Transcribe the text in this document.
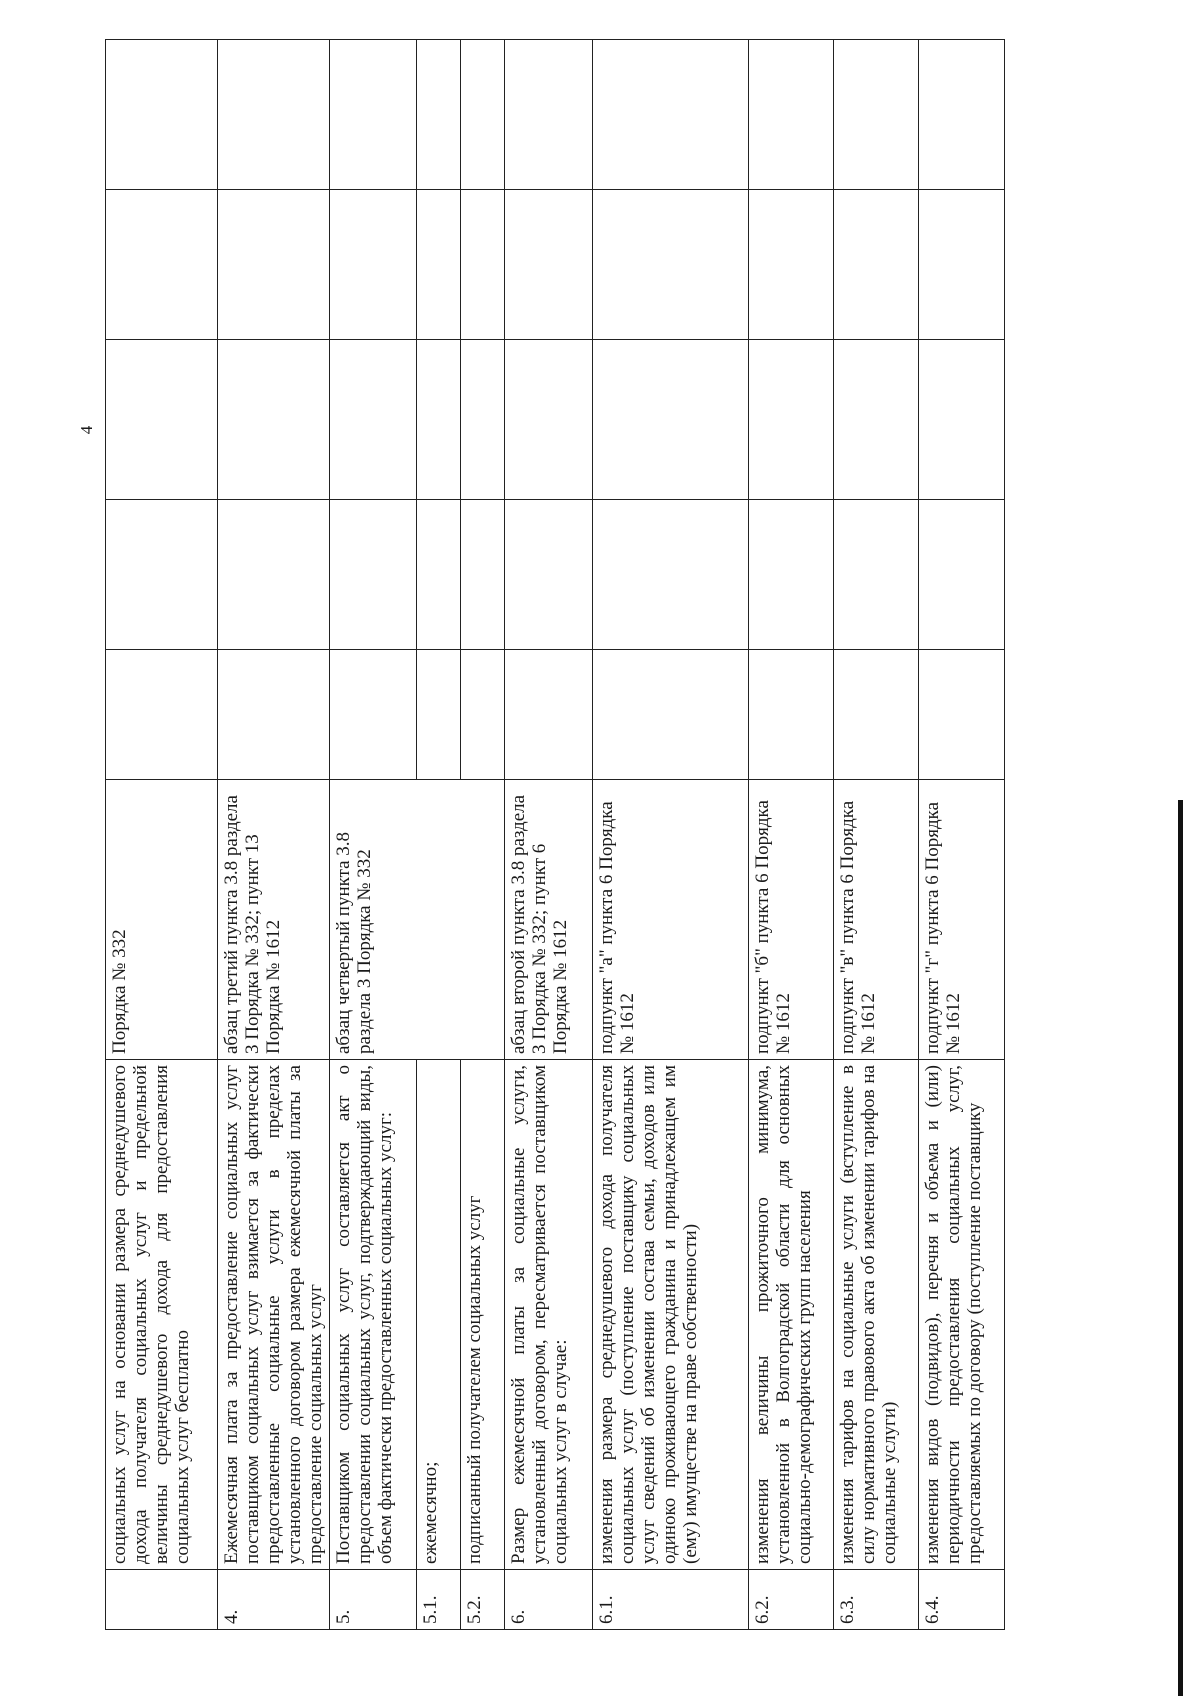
4
	социальных услуг на основании размера среднедушевого дохода получателя социальных услуг и предельной величины среднедушевого дохода для предоставления социальных услуг бесплатно	Порядка № 332					
4.	Ежемесячная плата за предоставление социальных услуг поставщиком социальных услуг взимается за фактически предоставленные социальные услуги в пределах установленного договором размера ежемесячной платы за предоставление социальных услуг	абзац третий пункта 3.8 раздела 3 Порядка № 332; пункт 13 Порядка № 1612					
5.	Поставщиком социальных услуг составляется акт о предоставлении социальных услуг, подтверждающий виды, объем фактически предоставленных социальных услуг:	абзац четвертый пункта 3.8 раздела 3 Порядка № 332					
5.1.	ежемесячно;						
5.2.	подписанный получателем социальных услуг						
6.	Размер ежемесячной платы за социальные услуги, установленный договором, пересматривается поставщиком социальных услуг в случае:	абзац второй пункта 3.8 раздела 3 Порядка № 332; пункт 6 Порядка № 1612					
6.1.	изменения размера среднедушевого дохода получателя социальных услуг (поступление поставщику социальных услуг сведений об изменении состава семьи, доходов или одиноко проживающего гражданина и принадлежащем им (ему) имуществе на праве собственности)	подпункт "а" пункта 6 Порядка № 1612					
6.2.	изменения величины прожиточного минимума, установленной в Волгоградской области для основных социально-демографических групп населения	подпункт "б" пункта 6 Порядка № 1612					
6.3.	изменения тарифов на социальные услуги (вступление в силу нормативного правового акта об изменении тарифов на социальные услуги)	подпункт "в" пункта 6 Порядка № 1612					
6.4.	изменения видов (подвидов), перечня и объема и (или) периодичности предоставления социальных услуг, предоставляемых по договору (поступление поставщику	подпункт "г" пункта 6 Порядка № 1612					
